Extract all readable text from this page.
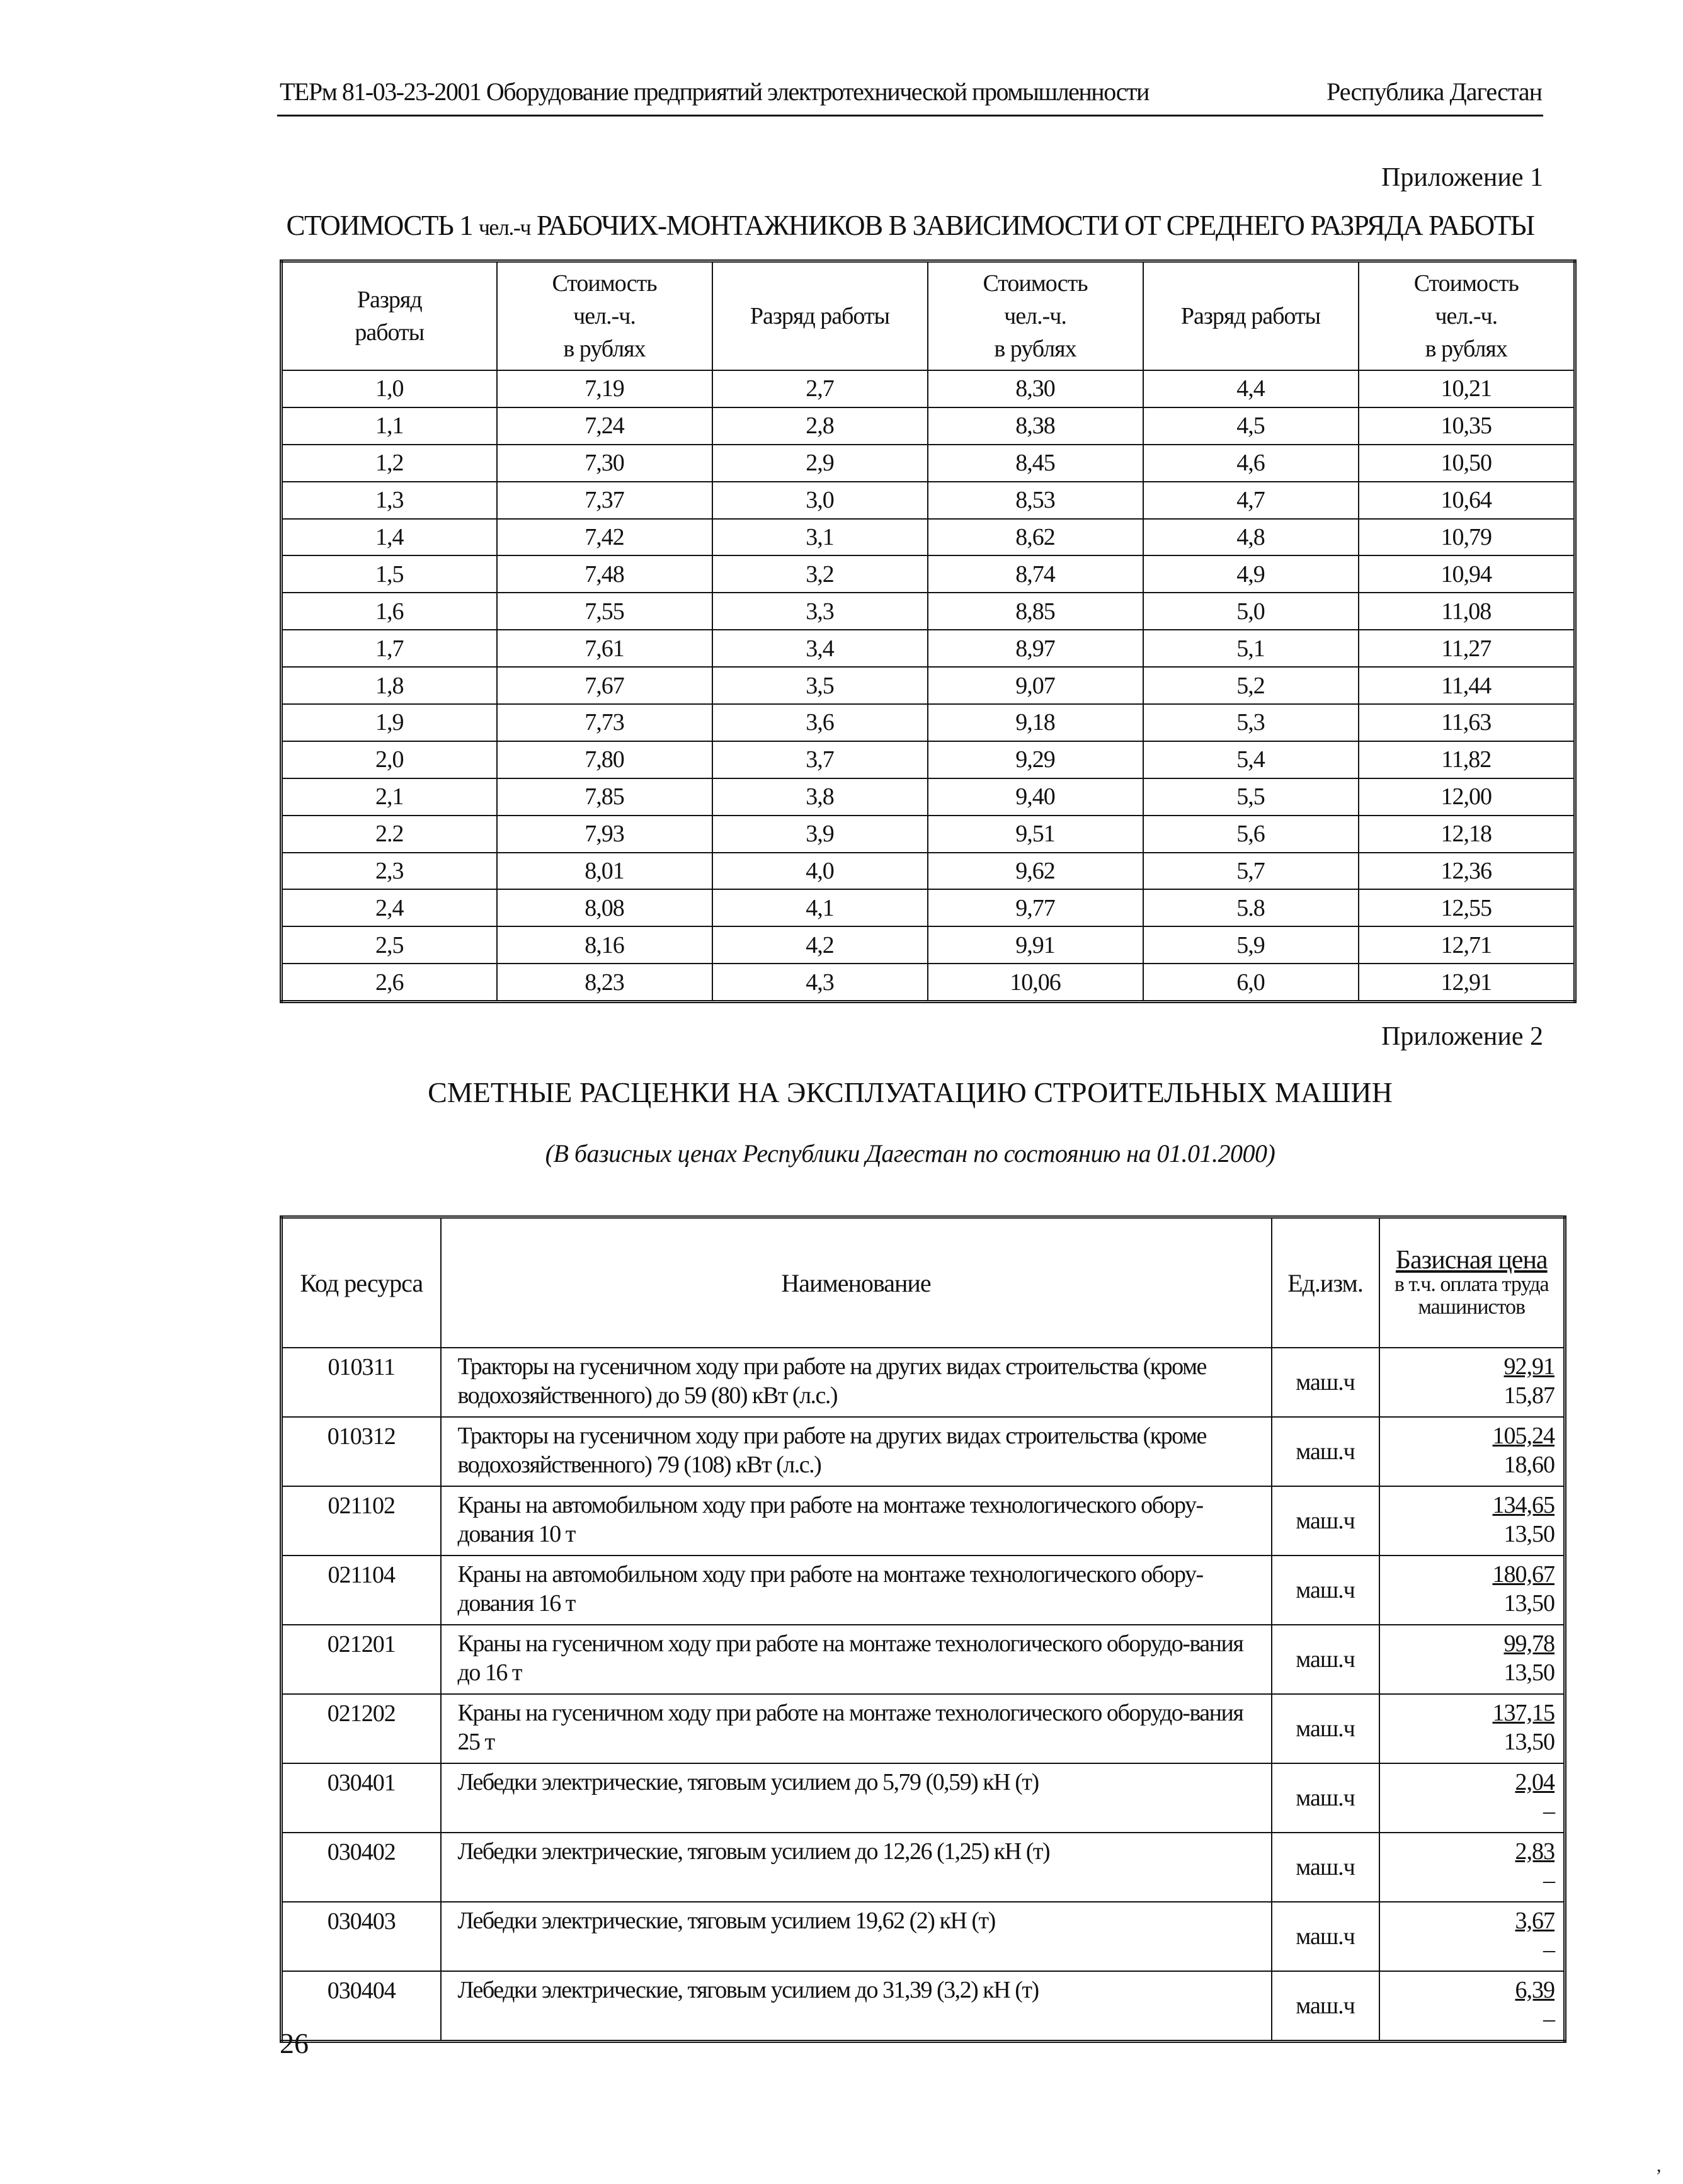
ТЕРм 81-03-23-2001 Оборудование предприятий электротехнической промышленности	Республика Дагестан
Приложение 1
СТОИМОСТЬ 1 чел.-ч РАБОЧИХ-МОНТАЖНИКОВ В ЗАВИСИМОСТИ ОТ СРЕДНЕГО РАЗРЯДА РАБОТЫ
Разряд
работы	Стоимость
чел.-ч.
в рублях	Разряд работы	Стоимость
чел.-ч.
в рублях	Разряд работы	Стоимость
чел.-ч.
в рублях
1,0	7,19	2,7	8,30	4,4	10,21
1,1	7,24	2,8	8,38	4,5	10,35
1,2	7,30	2,9	8,45	4,6	10,50
1,3	7,37	3,0	8,53	4,7	10,64
1,4	7,42	3,1	8,62	4,8	10,79
1,5	7,48	3,2	8,74	4,9	10,94
1,6	7,55	3,3	8,85	5,0	11,08
1,7	7,61	3,4	8,97	5,1	11,27
1,8	7,67	3,5	9,07	5,2	11,44
1,9	7,73	3,6	9,18	5,3	11,63
2,0	7,80	3,7	9,29	5,4	11,82
2,1	7,85	3,8	9,40	5,5	12,00
2.2	7,93	3,9	9,51	5,6	12,18
2,3	8,01	4,0	9,62	5,7	12,36
2,4	8,08	4,1	9,77	5.8	12,55
2,5	8,16	4,2	9,91	5,9	12,71
2,6	8,23	4,3	10,06	6,0	12,91
Приложение 2
СМЕТНЫЕ РАСЦЕНКИ НА ЭКСПЛУАТАЦИЮ СТРОИТЕЛЬНЫХ МАШИН
(В базисных ценах Республики Дагестан по состоянию на 01.01.2000)
Код ресурса	Наименование	Ед.изм.	Базисная цена
в т.ч. оплата труда машинистов

010311	Тракторы на гусеничном ходу при работе на других видах строительства (кроме водохозяйственного) до 59 (80) кВт (л.с.)	маш.ч	92,91
15,87

010312	Тракторы на гусеничном ходу при работе на других видах строительства (кроме водохозяйственного) 79 (108) кВт (л.с.)	маш.ч	105,24
18,60

021102	Краны на автомобильном ходу при работе на монтаже технологического обору-дования 10 т	маш.ч	134,65
13,50

021104	Краны на автомобильном ходу при работе на монтаже технологического обору-дования 16 т	маш.ч	180,67
13,50

021201	Краны на гусеничном ходу при работе на монтаже технологического оборудо-вания до 16 т	маш.ч	99,78
13,50

021202	Краны на гусеничном ходу при работе на монтаже технологического оборудо-вания 25 т	маш.ч	137,15
13,50

030401	Лебедки электрические, тяговым усилием до 5,79 (0,59) кН (т)	маш.ч	2,04
–

030402	Лебедки электрические, тяговым усилием до 12,26 (1,25) кН (т)	маш.ч	2,83
–

030403	Лебедки электрические, тяговым усилием 19,62 (2) кН (т)	маш.ч	3,67
–

030404	Лебедки электрические, тяговым усилием до 31,39 (3,2) кН (т)	маш.ч	6,39
–
26
,
